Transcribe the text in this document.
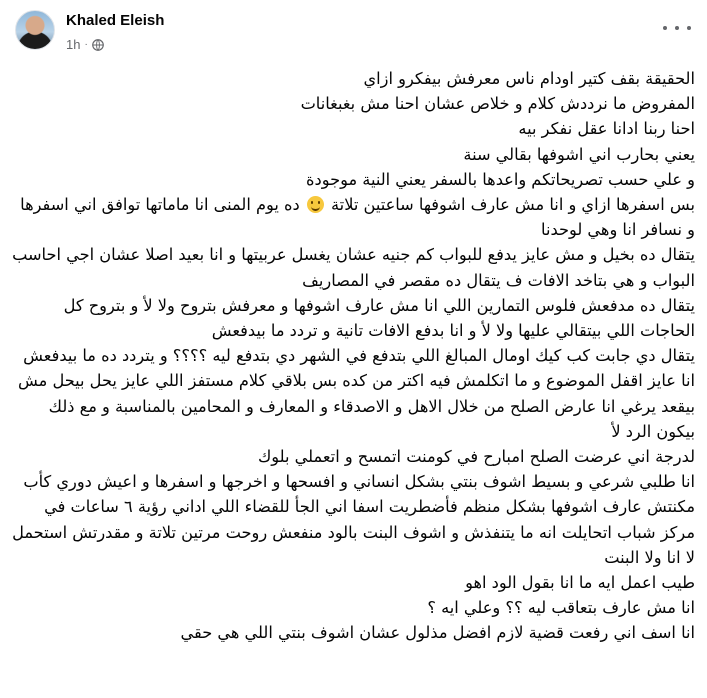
Khaled Eleish
1h ·

الحقيقة بقف كتير اودام ناس معرفش بيفكرو ازاي

المفروض ما نرددش كلام و خلاص عشان احنا مش بغبغانات

احنا ربنا ادانا عقل نفكر بيه

يعني بحارب اني اشوفها بقالي سنة

و علي حسب تصريحاتكم واعدها بالسفر يعني النية موجودة

بس اسفرها ازاي و انا مش عارف اشوفها ساعتين تلاتة  ده يوم المنى انا ماماتها توافق اني اسفرها و نسافر انا وهي لوحدنا

يتقال ده بخيل و مش عايز يدفع للبواب كم جنيه عشان يغسل عربيتها و انا بعيد اصلا عشان اجي احاسب البواب و هي بتاخد الافات ف يتقال ده مقصر في المصاريف

يتقال ده مدفعش فلوس التمارين اللي انا مش عارف اشوفها و معرفش بتروح ولا لأ و بتروح كل الحاجات اللي بيتقالي عليها ولا لأ و انا بدفع الافات تانية و تردد ما بيدفعش

يتقال دي جابت كب كيك اومال المبالغ اللي بتدفع في الشهر دي بتدفع ليه ؟؟؟؟ و يتردد ده ما بيدفعش

انا عايز اقفل الموضوع و ما اتكلمش فيه اكتر من كده بس بلاقي كلام مستفز اللي عايز يحل بيحل مش بيقعد يرغي انا عارض الصلح من خلال الاهل و الاصدقاء و المعارف و المحامين بالمناسبة و مع ذلك بيكون الرد لأ

لدرجة اني عرضت الصلح امبارح في كومنت اتمسح و اتعملي بلوك

انا طلبي شرعي و بسيط اشوف بنتي بشكل انساني و افسحها و اخرجها و اسفرها و اعيش دوري كأب

مكنتش عارف اشوفها بشكل منظم فأضطريت اسفا اني الجأ للقضاء اللي اداني رؤية ٦ ساعات في مركز شباب اتحايلت انه ما يتنفذش و اشوف البنت بالود منفعش روحت مرتين تلاتة و مقدرتش استحمل لا انا ولا البنت

طيب اعمل ايه ما انا بقول الود اهو

انا مش عارف بتعاقب ليه ؟؟ وعلي ايه ؟

انا اسف اني رفعت قضية لازم افضل مذلول عشان اشوف بنتي اللي هي حقي
